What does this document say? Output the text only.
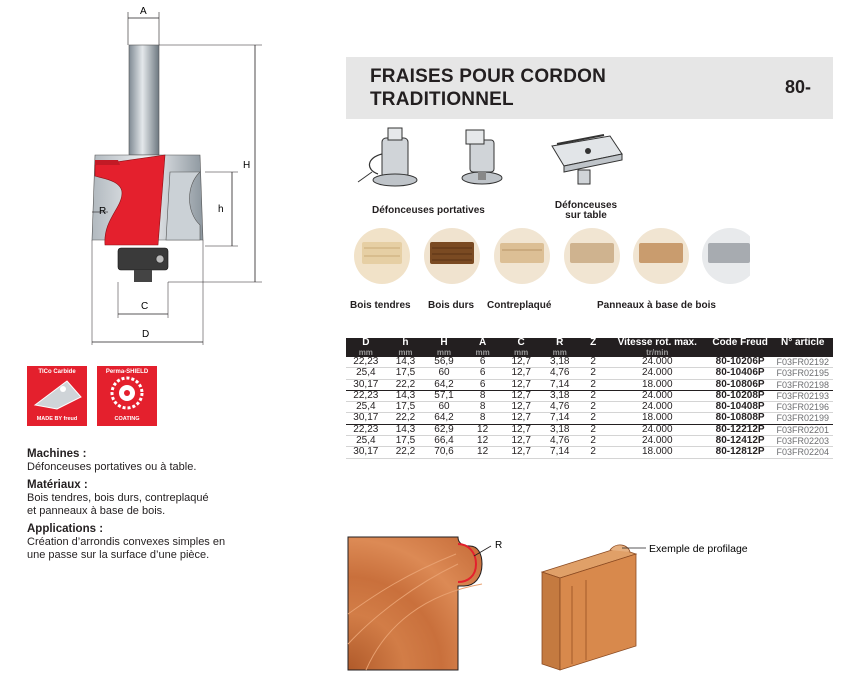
A
H
h
R
C
D
TICo Carbide
MADE BY freud
Perma-SHIELD
COATING
Machines :
Défonceuses portatives ou à table.
Matériaux :
Bois tendres, bois durs, contreplaqué
et panneaux à base de bois.
Applications :
Création d’arrondis convexes simples en
une passe sur la surface d’une pièce.
FRAISES POUR CORDON
TRADITIONNEL
80-
Défonceuses portatives	Défonceuses
sur table
Bois tendres Bois durs Contreplaqué	Panneaux à base de bois
D	h	H	A	C	R	Z	Vitesse rot. max.	Code Freud	N° article
mm	mm	mm	mm	mm	mm		tr/min		
22,23	14,3	56,9	6	12,7	3,18	2	24.000	80-10206P	F03FR02192
25,4	17,5	60	6	12,7	4,76	2	24.000	80-10406P	F03FR02195
30,17	22,2	64,2	6	12,7	7,14	2	18.000	80-10806P	F03FR02198
22,23	14,3	57,1	8	12,7	3,18	2	24.000	80-10208P	F03FR02193
25,4	17,5	60	8	12,7	4,76	2	24.000	80-10408P	F03FR02196
30,17	22,2	64,2	8	12,7	7,14	2	18.000	80-10808P	F03FR02199
22,23	14,3	62,9	12	12,7	3,18	2	24.000	80-12212P	F03FR02201
25,4	17,5	66,4	12	12,7	4,76	2	24.000	80-12412P	F03FR02203
30,17	22,2	70,6	12	12,7	7,14	2	18.000	80-12812P	F03FR02204
R	Exemple de profilage
